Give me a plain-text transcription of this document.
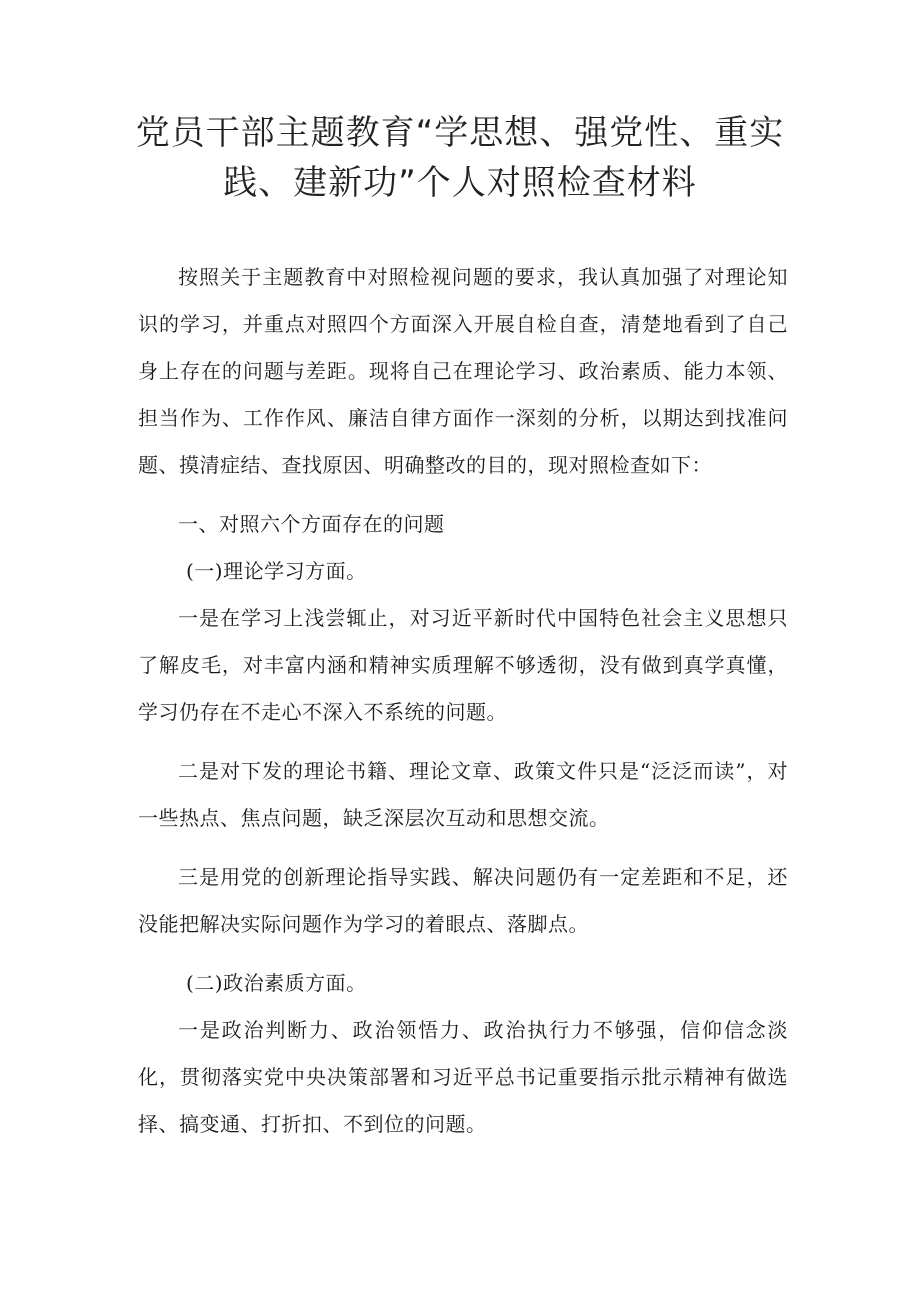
党员干部主题教育“学思想、强党性、重实
践、建新功”个人对照检查材料

按照关于主题教育中对照检视问题的要求，我认真加强了对理论知识的学习，并重点对照四个方面深入开展自检自查，清楚地看到了自己身上存在的问题与差距。现将自己在理论学习、政治素质、能力本领、担当作为、工作作风、廉洁自律方面作一深刻的分析，以期达到找准问题、摸清症结、查找原因、明确整改的目的，现对照检查如下：

一、对照六个方面存在的问题

(一)理论学习方面。

一是在学习上浅尝辄止，对习近平新时代中国特色社会主义思想只了解皮毛，对丰富内涵和精神实质理解不够透彻，没有做到真学真懂，学习仍存在不走心不深入不系统的问题。

二是对下发的理论书籍、理论文章、政策文件只是“泛泛而读”，对一些热点、焦点问题，缺乏深层次互动和思想交流。

三是用党的创新理论指导实践、解决问题仍有一定差距和不足，还没能把解决实际问题作为学习的着眼点、落脚点。

(二)政治素质方面。

一是政治判断力、政治领悟力、政治执行力不够强，信仰信念淡化，贯彻落实党中央决策部署和习近平总书记重要指示批示精神有做选择、搞变通、打折扣、不到位的问题。
